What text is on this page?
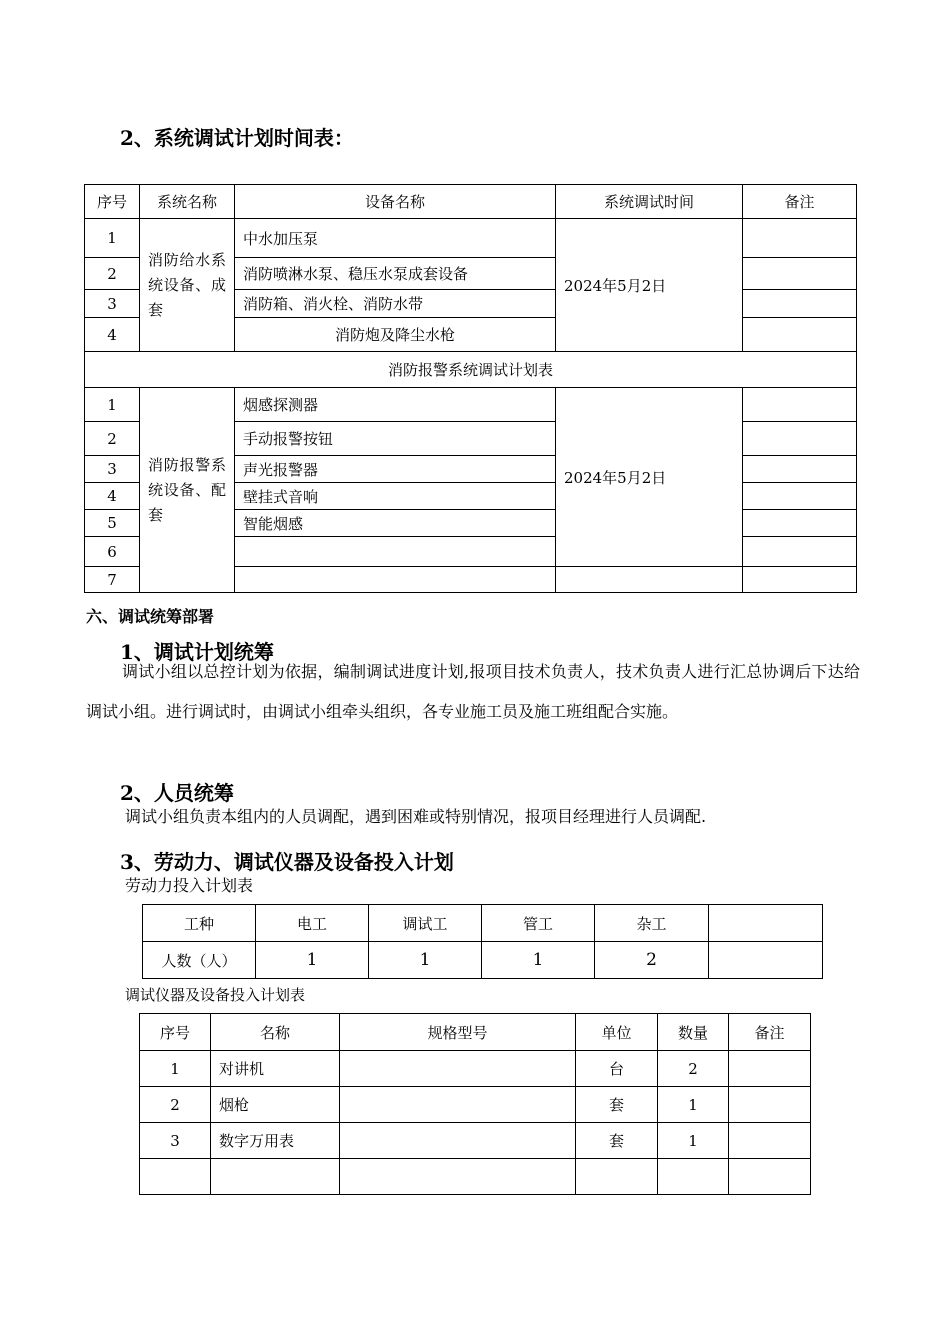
2、系统调试计划时间表：
序号	系统名称	设备名称	系统调试时间	备注
1	消防给水系统设备、成套	中水加压泵	2024年5月2日	
2		消防喷淋水泵、稳压水泵成套设备		
3		消防箱、消火栓、消防水带		
4		消防炮及降尘水枪		
消防报警系统调试计划表				
1	消防报警系统设备、配套	烟感探测器	2024年5月2日	
2		手动报警按钮		
3		声光报警器		
4		壁挂式音响		
5		智能烟感		
6				
7				
六、调试统筹部署
1、调试计划统筹
调试小组以总控计划为依据，编制调试进度计划,报项目技术负责人，技术负责人进行汇总协调后下达给调试小组。进行调试时，由调试小组牵头组织，各专业施工员及施工班组配合实施。
2、人员统筹
调试小组负责本组内的人员调配，遇到困难或特别情况，报项目经理进行人员调配.
3、劳动力、调试仪器及设备投入计划
劳动力投入计划表
工种	电工	调试工	管工	杂工	
人数（人）	1	1	1	2	
调试仪器及设备投入计划表
序号	名称	规格型号	单位	数量	备注
1	对讲机		台	2	
2	烟枪		套	1	
3	数字万用表		套	1	
